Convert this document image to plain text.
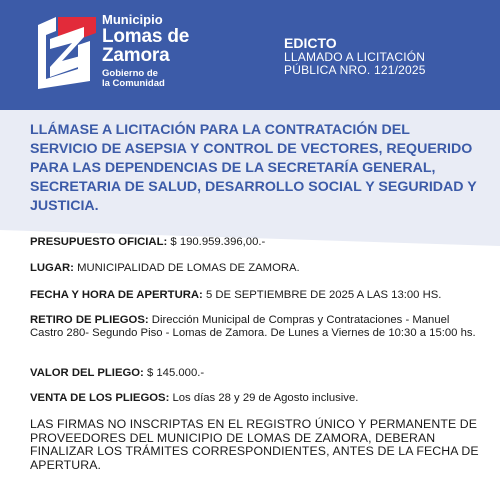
Municipio
Lomas de
Zamora
Gobierno de
la Comunidad
EDICTO
LLAMADO A LICITACIÓN
PÚBLICA NRO. 121/2025
LLÁMASE A LICITACIÓN PARA LA CONTRATACIÓN DEL SERVICIO DE ASEPSIA Y CONTROL DE VECTORES, REQUERIDO PARA LAS DEPENDENCIAS DE LA SECRETARÍA GENERAL, SECRETARIA DE SALUD, DESARROLLO SOCIAL Y SEGURIDAD Y JUSTICIA.
PRESUPUESTO OFICIAL: $ 190.959.396,00.-
LUGAR: MUNICIPALIDAD DE LOMAS DE ZAMORA.
FECHA Y HORA DE APERTURA: 5 DE SEPTIEMBRE DE 2025 A LAS 13:00 HS.
RETIRO DE PLIEGOS: Dirección Municipal de Compras y Contrataciones - Manuel Castro 280- Segundo Piso - Lomas de Zamora. De Lunes a Viernes de 10:30 a 15:00 hs.
VALOR DEL PLIEGO: $ 145.000.-
VENTA DE LOS PLIEGOS: Los días 28 y 29 de Agosto inclusive.
LAS FIRMAS NO INSCRIPTAS EN EL REGISTRO ÚNICO Y PERMANENTE DE PROVEEDORES DEL MUNICIPIO DE LOMAS DE ZAMORA, DEBERAN FINALIZAR LOS TRÁMITES CORRESPONDIENTES, ANTES DE LA FECHA DE APERTURA.
